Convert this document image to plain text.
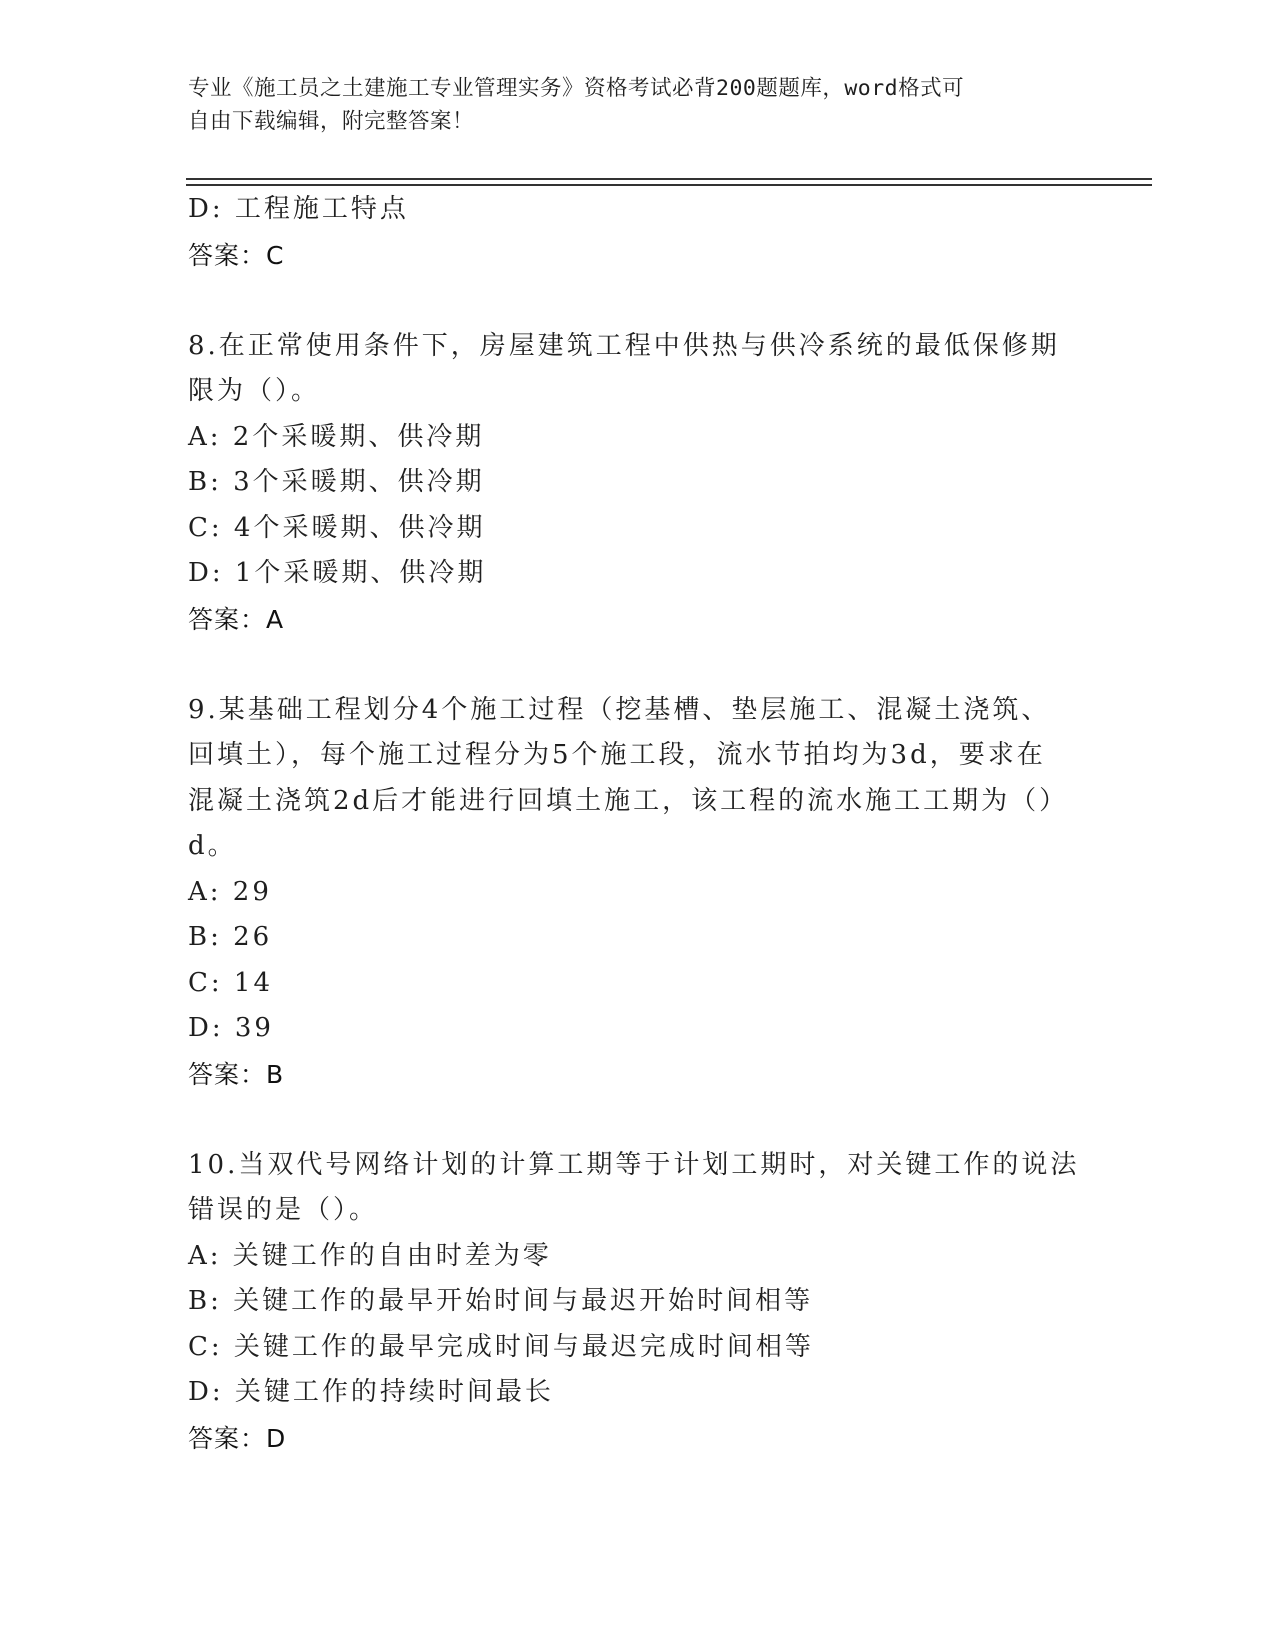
专业《施工员之土建施工专业管理实务》资格考试必背200题题库，word格式可
自由下载编辑，附完整答案！
D: 工程施工特点
答案：C
8.在正常使用条件下，房屋建筑工程中供热与供冷系统的最低保修期
限为（）。
A: 2个采暖期、供冷期
B: 3个采暖期、供冷期
C: 4个采暖期、供冷期
D: 1个采暖期、供冷期
答案：A
9.某基础工程划分4个施工过程（挖基槽、垫层施工、混凝土浇筑、
回填土），每个施工过程分为5个施工段，流水节拍均为3d，要求在
混凝土浇筑2d后才能进行回填土施工，该工程的流水施工工期为（）
d。
A: 29
B: 26
C: 14
D: 39
答案：B
10.当双代号网络计划的计算工期等于计划工期时，对关键工作的说法
错误的是（）。
A: 关键工作的自由时差为零
B: 关键工作的最早开始时间与最迟开始时间相等
C: 关键工作的最早完成时间与最迟完成时间相等
D: 关键工作的持续时间最长
答案：D
